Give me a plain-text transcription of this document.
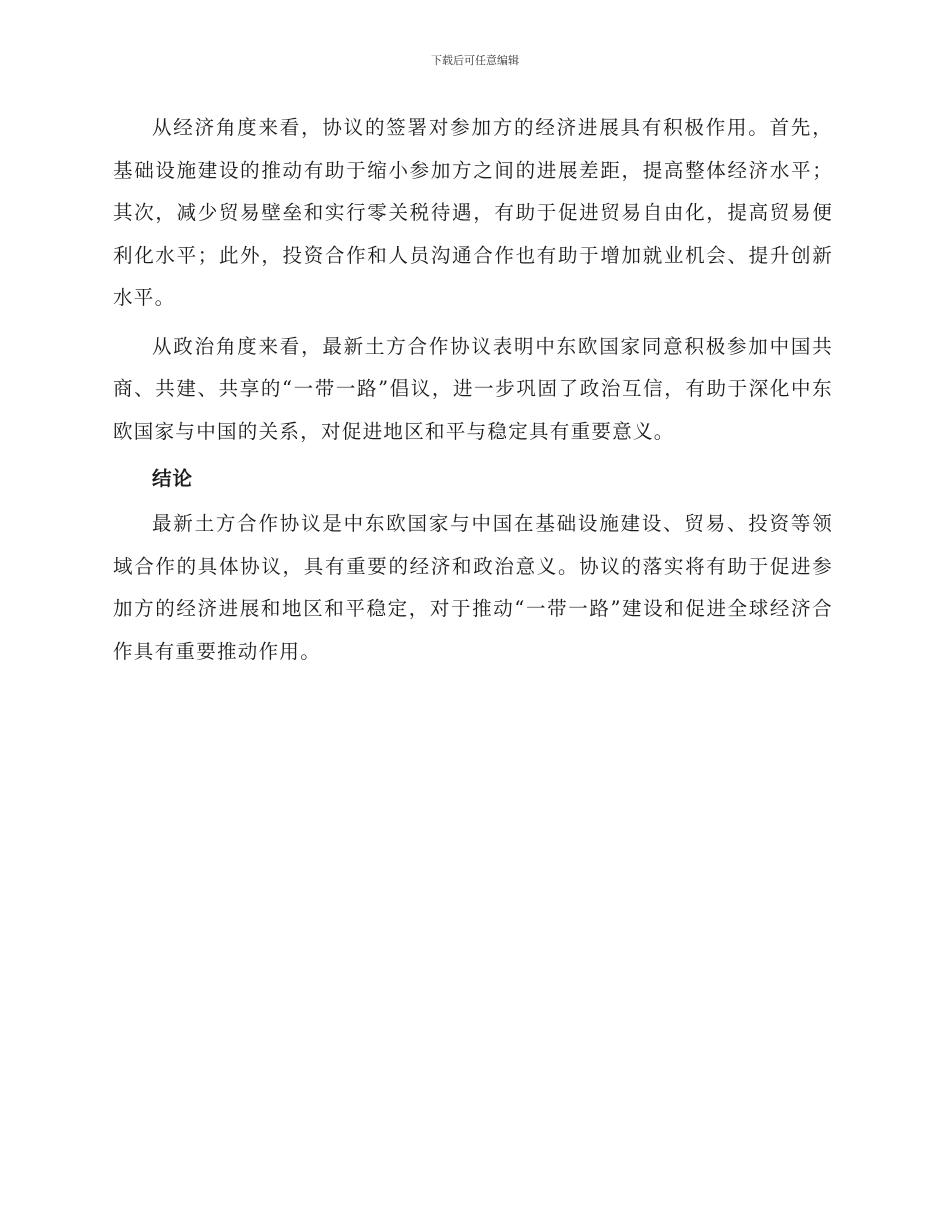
下载后可任意编辑

从经济角度来看，协议的签署对参加方的经济进展具有积极作用。首先，基础设施建设的推动有助于缩小参加方之间的进展差距，提高整体经济水平；其次，减少贸易壁垒和实行零关税待遇，有助于促进贸易自由化，提高贸易便利化水平；此外，投资合作和人员沟通合作也有助于增加就业机会、提升创新水平。

从政治角度来看，最新土方合作协议表明中东欧国家同意积极参加中国共商、共建、共享的“一带一路”倡议，进一步巩固了政治互信，有助于深化中东欧国家与中国的关系，对促进地区和平与稳定具有重要意义。

结论

最新土方合作协议是中东欧国家与中国在基础设施建设、贸易、投资等领域合作的具体协议，具有重要的经济和政治意义。协议的落实将有助于促进参加方的经济进展和地区和平稳定，对于推动“一带一路”建设和促进全球经济合作具有重要推动作用。
